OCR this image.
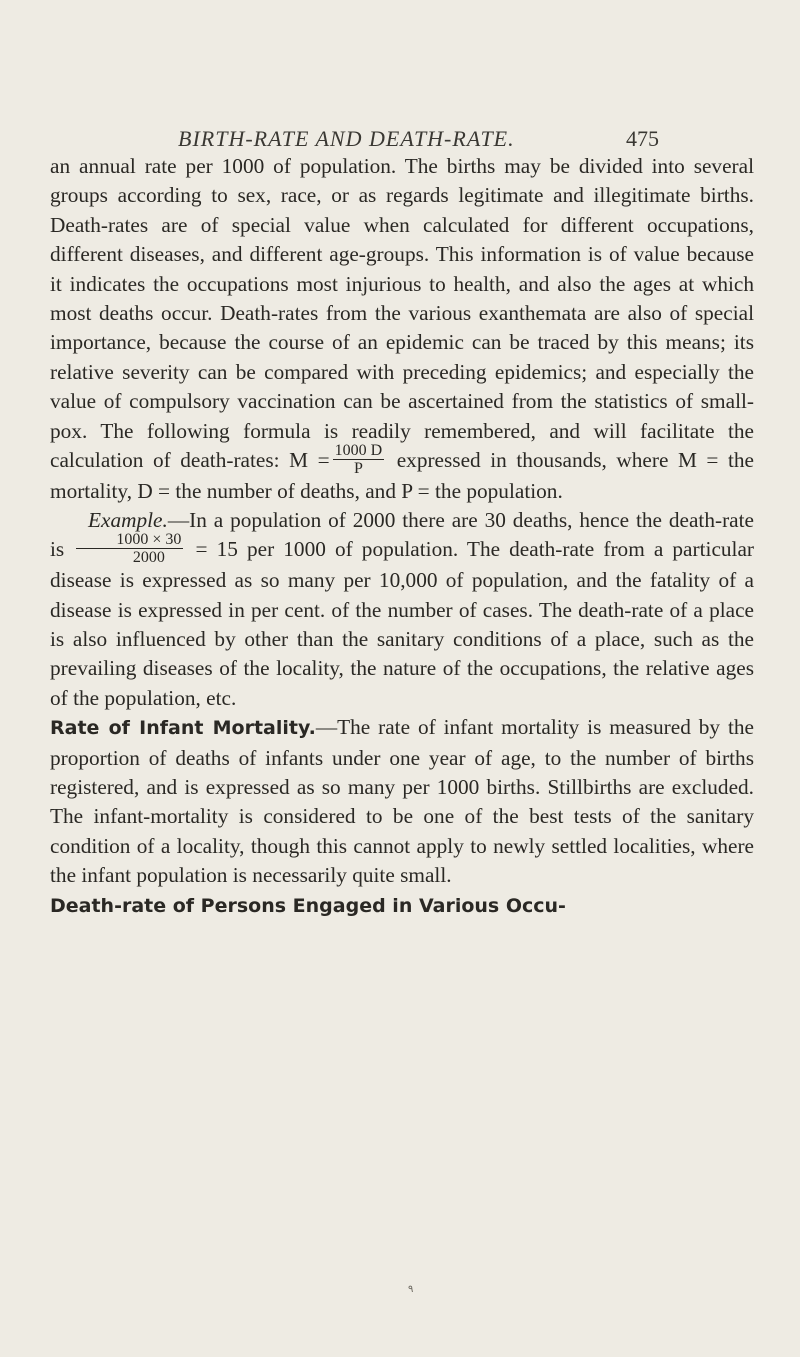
BIRTH-RATE AND DEATH-RATE.	475

an annual rate per 1000 of population. The births may be divided into several groups according to sex, race, or as regards legitimate and illegitimate births. Death-rates are of special value when calculated for different occupations, different diseases, and different age-groups. This information is of value because it indicates the occupations most injurious to health, and also the ages at which most deaths occur. Death-rates from the various exanthemata are also of special importance, because the course of an epidemic can be traced by this means; its relative severity can be compared with preceding epidemics; and especially the value of compulsory vaccination can be ascertained from the statistics of small-pox. The following formula is readily remembered, and will facilitate the calculation of death-rates: $M = \frac{1000 D}{P}$ expressed in thousands, where M = the mortality, D = the number of deaths, and P = the population.

Example.—In a population of 2000 there are 30 deaths, hence the death-rate is $\frac{1000 \times 30}{2000} = 15$ per 1000 of population. The death-rate from a particular disease is expressed as so many per 10,000 of population, and the fatality of a disease is expressed in per cent. of the number of cases. The death-rate of a place is also influenced by other than the sanitary conditions of a place, such as the prevailing diseases of the locality, the nature of the occupations, the relative ages of the population, etc.

Rate of Infant Mortality.—The rate of infant mortality is measured by the proportion of deaths of infants under one year of age, to the number of births registered, and is expressed as so many per 1000 births. Stillbirths are excluded. The infant-mortality is considered to be one of the best tests of the sanitary condition of a locality, though this cannot apply to newly settled localities, where the infant population is necessarily quite small.

Death-rate of Persons Engaged in Various Occu-

٩
